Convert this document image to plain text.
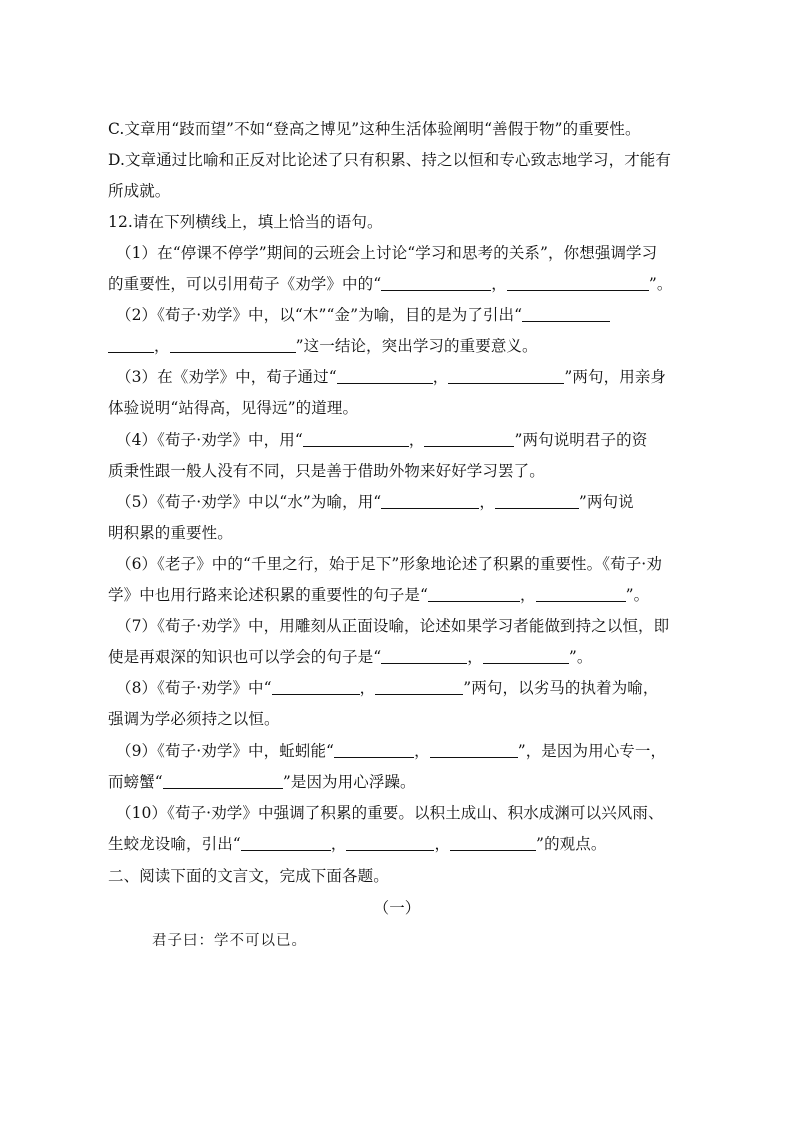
C.文章用“跂而望”不如“登高之博见”这种生活体验阐明“善假于物”的重要性。
D.文章通过比喻和正反对比论述了只有积累、持之以恒和专心致志地学习，才能有
所成就。
12.请在下列横线上，填上恰当的语句。
（1）在“停课不停学”期间的云班会上讨论“学习和思考的关系”，你想强调学习
的重要性，可以引用荀子《劝学》中的“	，	”。
（2）《荀子·劝学》中，以“木”“金”为喻，目的是为了引出“
，	”这一结论，突出学习的重要意义。
（3）在《劝学》中，荀子通过“	，	”两句，用亲身
体验说明“站得高，见得远”的道理。
（4）《荀子·劝学》中，用“	，	”两句说明君子的资
质秉性跟一般人没有不同，只是善于借助外物来好好学习罢了。
（5）《荀子·劝学》中以“水”为喻，用“	，	”两句说
明积累的重要性。
（6）《老子》中的“千里之行，始于足下”形象地论述了积累的重要性。《荀子·劝
学》中也用行路来论述积累的重要性的句子是“	，	”。
（7）《荀子·劝学》中，用雕刻从正面设喻，论述如果学习者能做到持之以恒，即
使是再艰深的知识也可以学会的句子是“	，	”。
（8）《荀子·劝学》中“	，	”两句，以劣马的执着为喻，
强调为学必须持之以恒。
（9）《荀子·劝学》中，蚯蚓能“	，	”，是因为用心专一，
而螃蟹“	”是因为用心浮躁。
（10）《荀子·劝学》中强调了积累的重要。以积土成山、积水成渊可以兴风雨、
生蛟龙设喻，引出“	，	，	”的观点。
二、阅读下面的文言文，完成下面各题。
（一）
君子曰：学不可以已。
